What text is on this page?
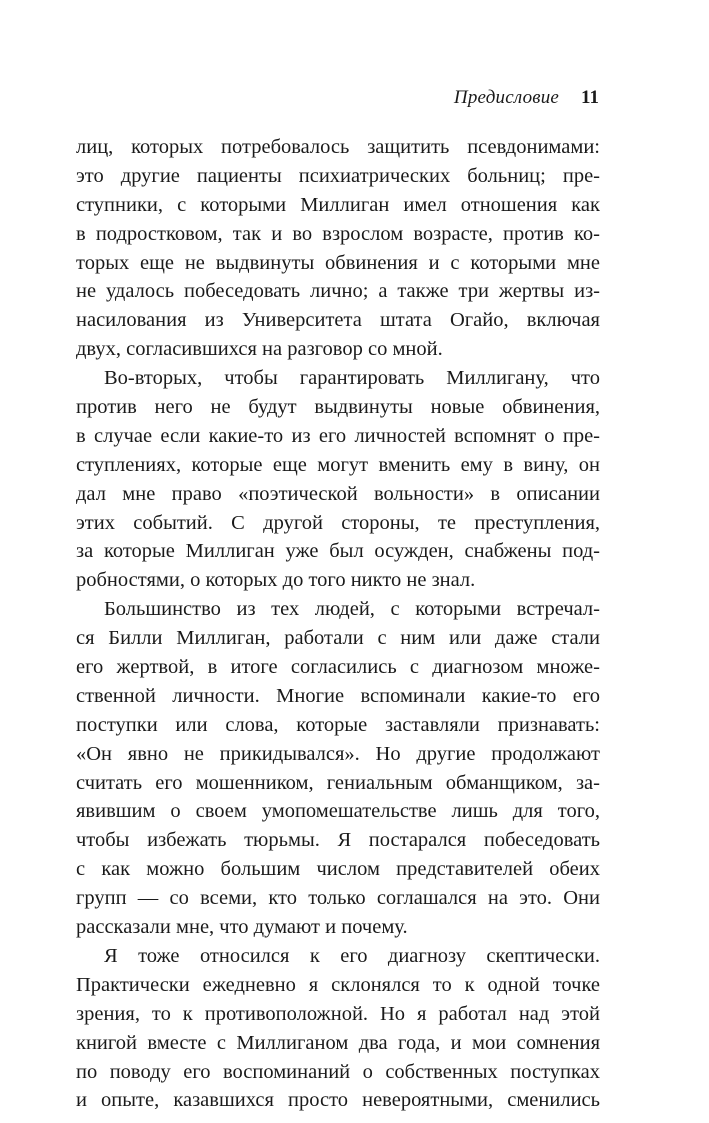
Предисловие 11
лиц, которых потребовалось защитить псевдонимами:
это другие пациенты психиатрических больниц; пре-
ступники, с которыми Миллиган имел отношения как
в подростковом, так и во взрослом возрасте, против ко-
торых еще не выдвинуты обвинения и с которыми мне
не удалось побеседовать лично; а также три жертвы из-
насилования из Университета штата Огайо, включая
двух, согласившихся на разговор со мной.
Во-вторых, чтобы гарантировать Миллигану, что
против него не будут выдвинуты новые обвинения,
в случае если какие-то из его личностей вспомнят о пре-
ступлениях, которые еще могут вменить ему в вину, он
дал мне право «поэтической вольности» в описании
этих событий. С другой стороны, те преступления,
за которые Миллиган уже был осужден, снабжены под-
робностями, о которых до того никто не знал.
Большинство из тех людей, с которыми встречал-
ся Билли Миллиган, работали с ним или даже стали
его жертвой, в итоге согласились с диагнозом множе-
ственной личности. Многие вспоминали какие-то его
поступки или слова, которые заставляли признавать:
«Он явно не прикидывался». Но другие продолжают
считать его мошенником, гениальным обманщиком, за-
явившим о своем умопомешательстве лишь для того,
чтобы избежать тюрьмы. Я постарался побеседовать
с как можно большим числом представителей обеих
групп — со всеми, кто только соглашался на это. Они
рассказали мне, что думают и почему.
Я тоже относился к его диагнозу скептически.
Практически ежедневно я склонялся то к одной точке
зрения, то к противоположной. Но я работал над этой
книгой вместе с Миллиганом два года, и мои сомнения
по поводу его воспоминаний о собственных поступках
и опыте, казавшихся просто невероятными, сменились
